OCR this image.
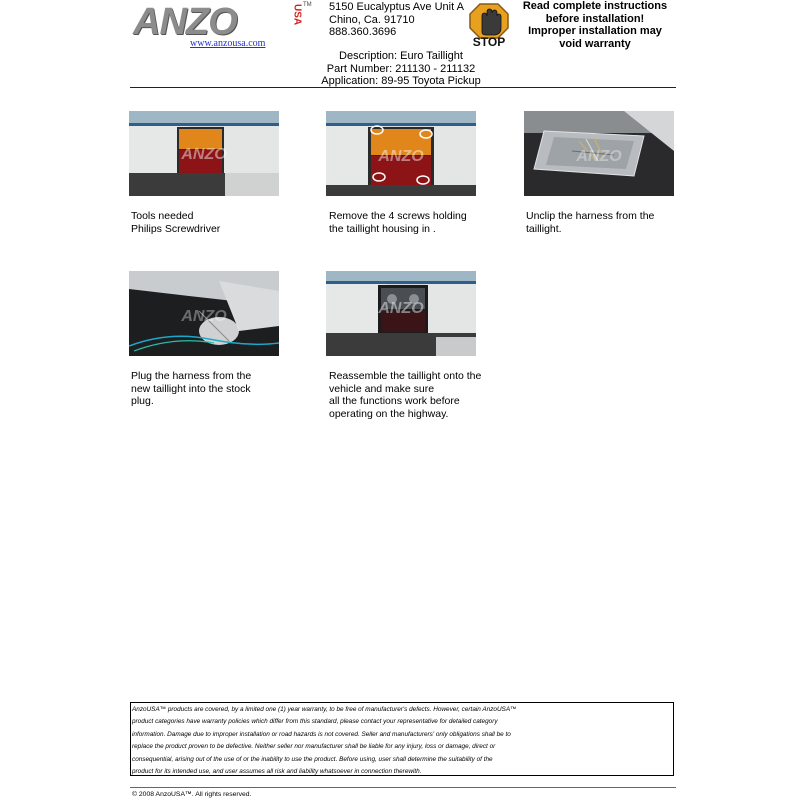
ANZO	USA TM
www.anzousa.com
5150 Eucalyptus Ave Unit A
Chino, Ca. 91710
888.360.3696
STOP
Read complete instructions
before installation!
Improper installation may
void warranty
Description: Euro Taillight
Part Number: 211130 - 211132
Application: 89-95 Toyota Pickup
ANZO	ANZO	ANZO
ANZO	ANZO
Tools needed
Philips Screwdriver
Remove the 4 screws holding
the taillight housing in .
Unclip the harness from the
taillight.
Plug the harness from the
new taillight into the stock
plug.
Reassemble the taillight onto the
vehicle and make sure
all the functions work before
operating on the highway.
AnzoUSA™ products are covered, by a limited one (1) year warranty, to be free of manufacturer's defects. However, certain AnzoUSA™
product categories have warranty policies which differ from this standard, please contact your representative for detailed category
information. Damage due to improper installation or road hazards is not covered. Seller and manufacturers' only obligations shall be to
replace the product proven to be defective. Neither seller nor manufacturer shall be liable for any injury, loss or damage, direct or
consequential, arising out of the use of or the inability to use the product. Before using, user shall determine the suitability of the
product for its intended use, and user assumes all risk and liability whatsoever in connection therewith.
© 2008 AnzoUSA™. All rights reserved.
